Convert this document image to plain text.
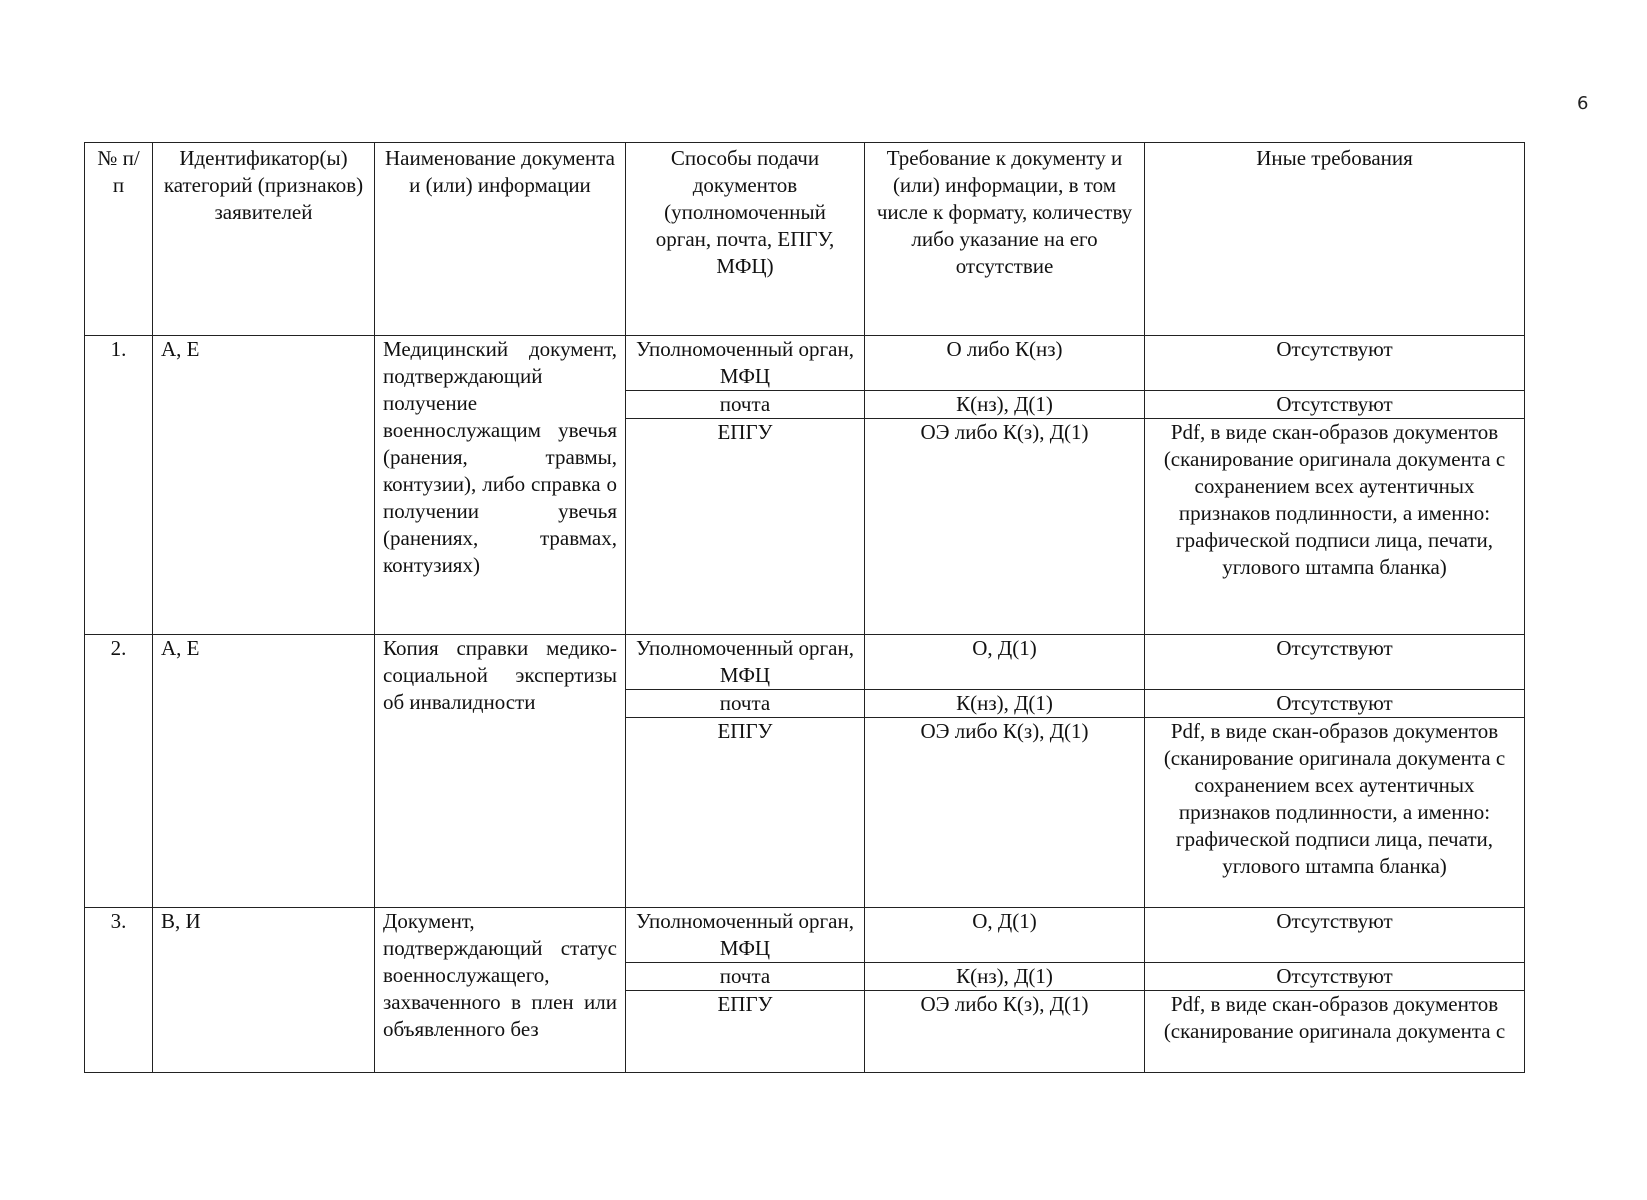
6
№ п/п	Идентификатор(ы) категорий (признаков) заявителей	Наименование документа и (или) информации	Способы подачи документов (уполномоченный орган, почта, ЕПГУ, МФЦ)	Требование к документу и (или) информации, в том числе к формату, количеству либо указание на его отсутствие	Иные требования
1.	А, Е	Медицинский документ, подтверждающий получение военнослужащим увечья (ранения, травмы, контузии), либо справка о получении увечья (ранениях, травмах, контузиях)	Уполномоченный орган, МФЦ	О либо К(нз)	Отсутствуют
			почта	К(нз), Д(1)	Отсутствуют
			ЕПГУ	ОЭ либо К(з), Д(1)	Pdf, в виде скан-образов документов (сканирование оригинала документа с сохранением всех аутентичных признаков подлинности, а именно: графической подписи лица, печати, углового штампа бланка)
2.	А, Е	Копия справки медико-социальной экспертизы об инвалидности	Уполномоченный орган, МФЦ	О, Д(1)	Отсутствуют
			почта	К(нз), Д(1)	Отсутствуют
			ЕПГУ	ОЭ либо К(з), Д(1)	Pdf, в виде скан-образов документов (сканирование оригинала документа с сохранением всех аутентичных признаков подлинности, а именно: графической подписи лица, печати, углового штампа бланка)
3.	В, И	Документ, подтверждающий статус военнослужащего, захваченного в плен или объявленного без	Уполномоченный орган, МФЦ	О, Д(1)	Отсутствуют
			почта	К(нз), Д(1)	Отсутствуют
			ЕПГУ	ОЭ либо К(з), Д(1)	Pdf, в виде скан-образов документов (сканирование оригинала документа с
